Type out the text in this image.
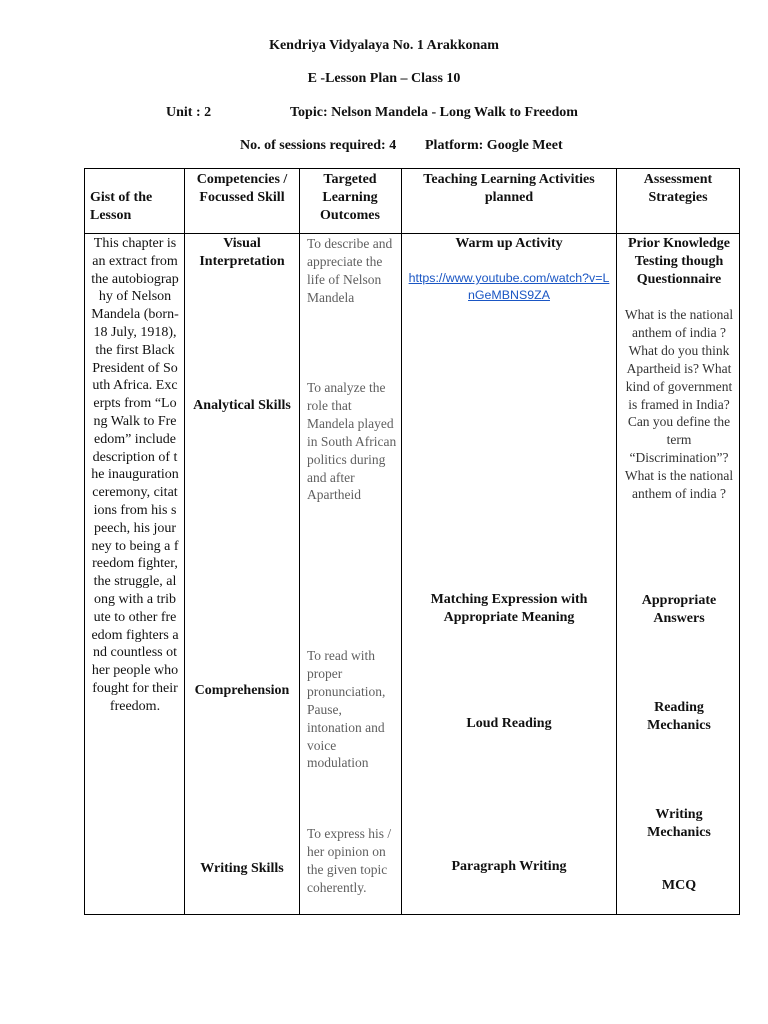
Kendriya Vidyalaya No. 1 Arakkonam
E -Lesson Plan – Class 10
Unit : 2	Topic: Nelson Mandela - Long Walk to Freedom
No. of sessions required: 4 Platform: Google Meet
Gist of the Lesson
Competencies / Focussed Skill
Targeted Learning Outcomes
Teaching Learning Activities planned
Assessment Strategies
This chapter is an extract from the autobiography of Nelson Mandela (born- 18 July, 1918), the first Black President of South Africa. Excerpts from “Long Walk to Freedom” include description of the inauguration ceremony, citations from his speech, his journey to being a freedom fighter, the struggle, along with a tribute to other freedom fighters and countless other people who fought for their freedom.
Visual Interpretation
Analytical Skills
Comprehension
Writing Skills
To describe and appreciate the life of Nelson Mandela
To analyze the role that Mandela played in South African politics during and after Apartheid
To read with proper pronunciation, Pause, intonation and voice modulation
To express his / her opinion on the given topic coherently.
Warm up Activity
https://www.youtube.com/watch?v=LnGeMBNS9ZA
Matching Expression with Appropriate Meaning
Loud Reading
Paragraph Writing
Prior Knowledge Testing though Questionnaire
What is the national anthem of india ? What do you think Apartheid is? What kind of government is framed in India? Can you define the term “Discrimination”? What is the national anthem of india ?
Appropriate Answers
Reading Mechanics
Writing Mechanics
MCQ
